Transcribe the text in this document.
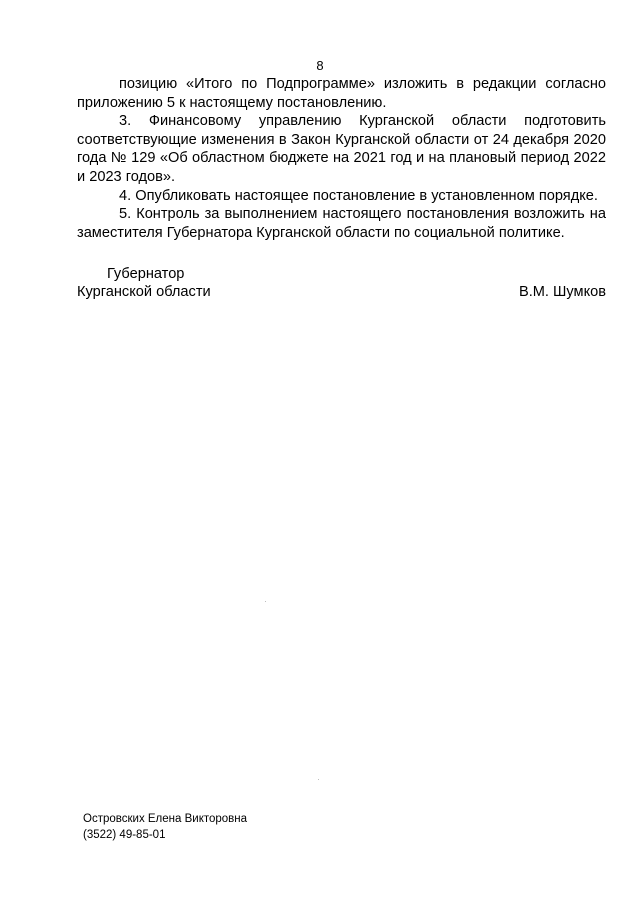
8

позицию «Итого по Подпрограмме» изложить в редакции согласно приложению 5 к настоящему постановлению.

3. Финансовому управлению Курганской области подготовить соответствующие изменения в Закон Курганской области от 24 декабря 2020 года № 129 «Об областном бюджете на 2021 год и на плановый период 2022 и 2023 годов».

4. Опубликовать настоящее постановление в установленном порядке.

5. Контроль за выполнением настоящего постановления возложить на заместителя Губернатора Курганской области по социальной политике.

Губернатор
Курганской области	В.М. Шумков
Островских Елена Викторовна
(3522) 49-85-01
